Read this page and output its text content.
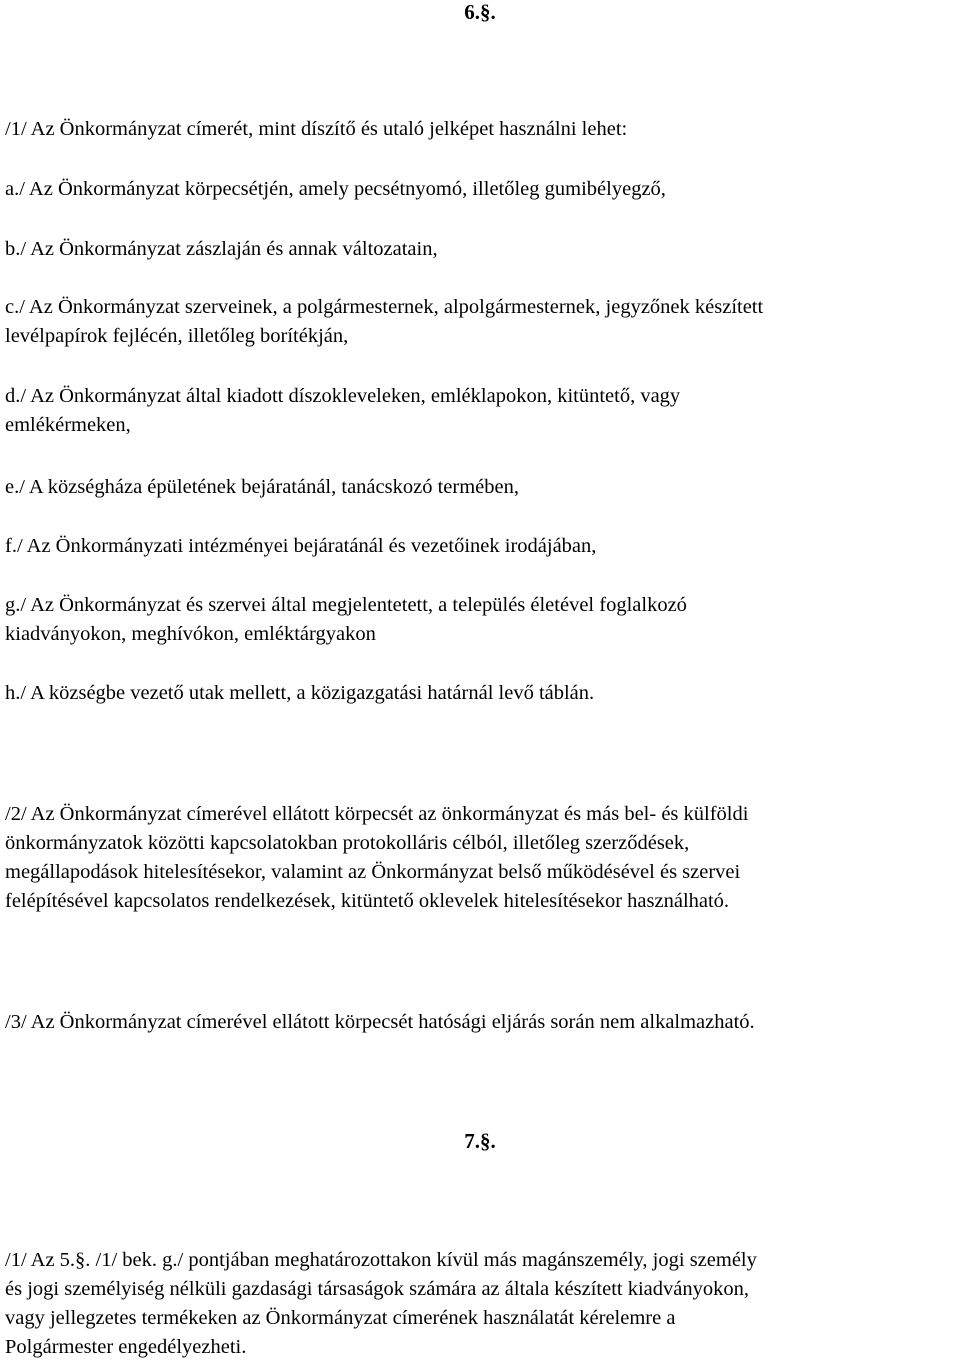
6.§.
/1/ Az Önkormányzat címerét, mint díszítő és utaló jelképet használni lehet:
a./ Az Önkormányzat körpecsétjén, amely pecsétnyomó, illetőleg gumibélyegző,
b./ Az Önkormányzat zászlaján és annak változatain,
c./ Az Önkormányzat szerveinek, a polgármesternek, alpolgármesternek, jegyzőnek készített
levélpapírok fejlécén, illetőleg borítékján,
d./ Az Önkormányzat által kiadott díszokleveleken, emléklapokon, kitüntető, vagy
emlékérmeken,
e./ A községháza épületének bejáratánál, tanácskozó termében,
f./ Az Önkormányzati intézményei bejáratánál és vezetőinek irodájában,
g./ Az Önkormányzat és szervei által megjelentetett, a település életével foglalkozó
kiadványokon, meghívókon, emléktárgyakon
h./ A községbe vezető utak mellett, a közigazgatási határnál levő táblán.
/2/ Az Önkormányzat címerével ellátott körpecsét az önkormányzat és más bel- és külföldi
önkormányzatok közötti kapcsolatokban protokolláris célból, illetőleg szerződések,
megállapodások hitelesítésekor, valamint az Önkormányzat belső működésével és szervei
felépítésével kapcsolatos rendelkezések, kitüntető oklevelek hitelesítésekor használható.
/3/ Az Önkormányzat címerével ellátott körpecsét hatósági eljárás során nem alkalmazható.
7.§.
/1/ Az 5.§. /1/ bek. g./ pontjában meghatározottakon kívül más magánszemély, jogi személy
és jogi személyiség nélküli gazdasági társaságok számára az általa készített kiadványokon,
vagy jellegzetes termékeken az Önkormányzat címerének használatát kérelemre a
Polgármester engedélyezheti.
